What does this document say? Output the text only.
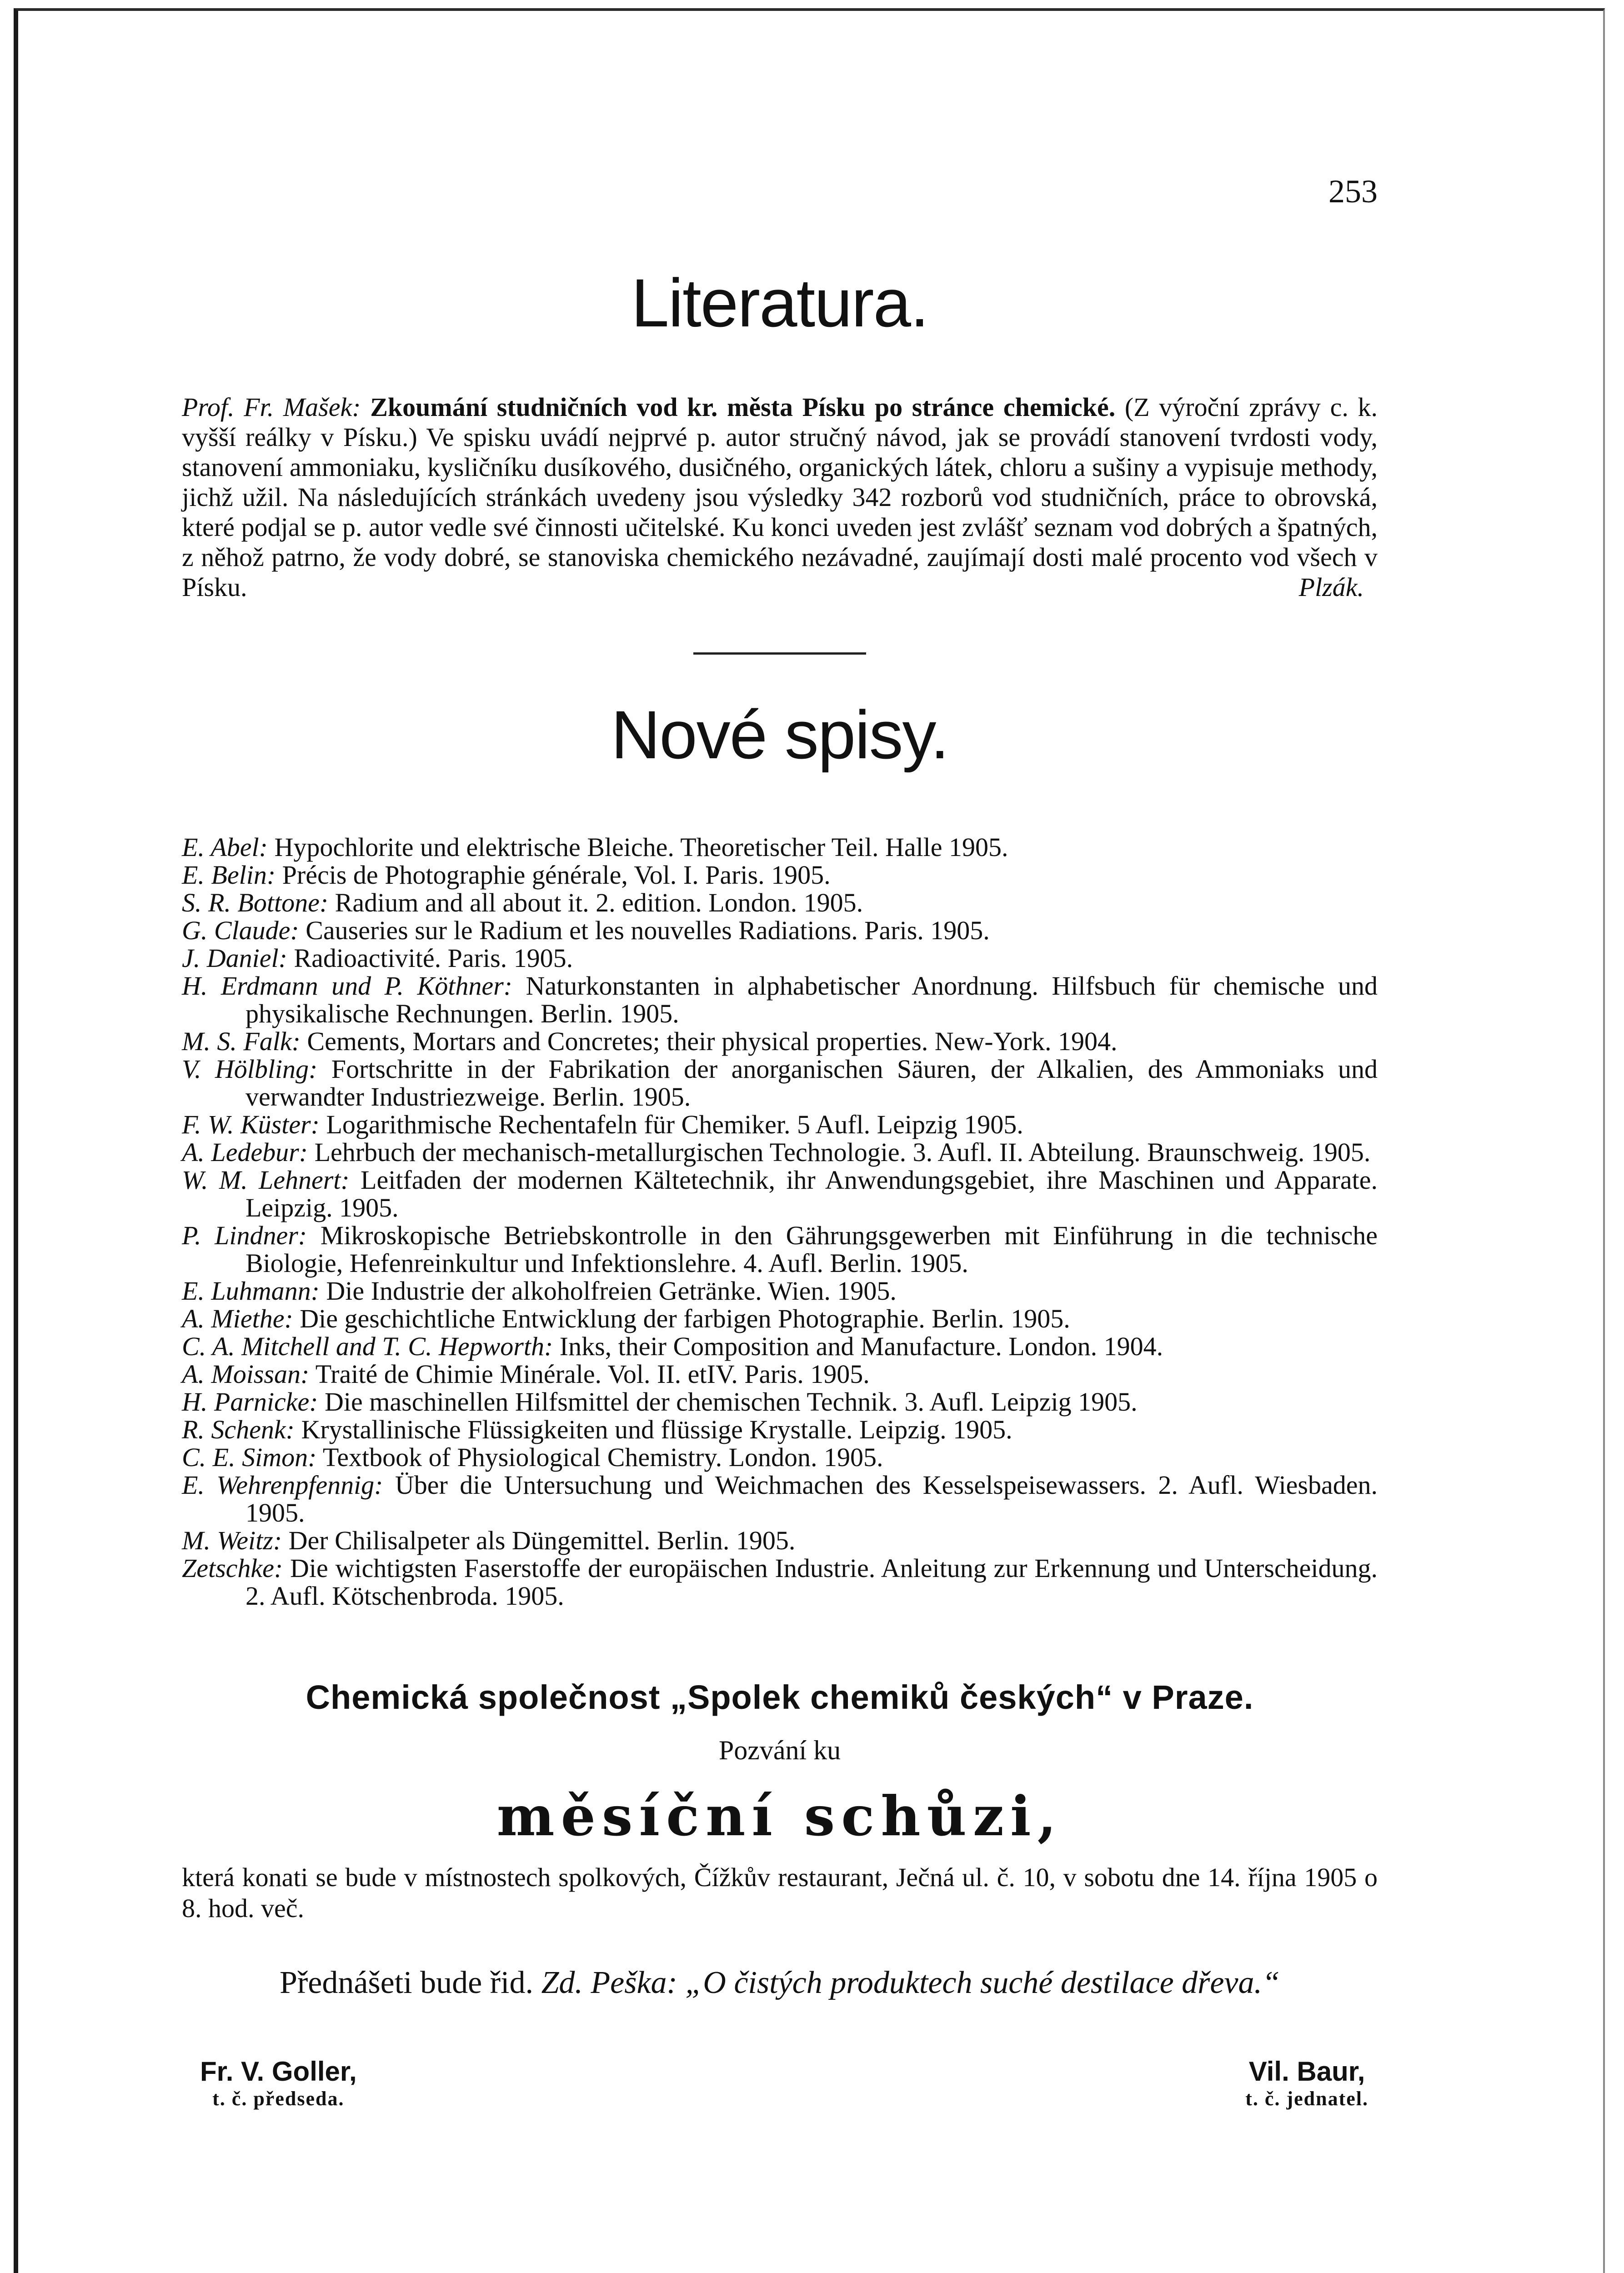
253
Literatura.

Prof. Fr. Mašek: Zkoumání studničních vod kr. města Písku po stránce chemické. (Z výroční zprávy c. k. vyšší reálky v Písku.) Ve spisku uvádí nejprvé p. autor stručný návod, jak se provádí stanovení tvrdosti vody, stanovení ammoniaku, kysličníku dusíkového, dusičného, organických látek, chloru a sušiny a vypisuje methody, jichž užil. Na následujících stránkách uvedeny jsou výsledky 342 rozborů vod studničních, práce to obrovská, které podjal se p. autor vedle své činnosti učitelské. Ku konci uveden jest zvlášť seznam vod dobrých a špatných, z něhož patrno, že vody dobré, se stanoviska chemického nezávadné, zaujímají dosti malé procento vod všech v Písku.	Plzák.

Nové spisy.
E. Abel: Hypochlorite und elektrische Bleiche. Theoretischer Teil. Halle 1905.
E. Belin: Précis de Photographie générale, Vol. I. Paris. 1905.
S. R. Bottone: Radium and all about it. 2. edition. London. 1905.
G. Claude: Causeries sur le Radium et les nouvelles Radiations. Paris. 1905.
J. Daniel: Radioactivité. Paris. 1905.
H. Erdmann und P. Köthner: Naturkonstanten in alphabetischer Anordnung. Hilfsbuch für chemische und physikalische Rechnungen. Berlin. 1905.
M. S. Falk: Cements, Mortars and Concretes; their physical properties. New-York. 1904.
V. Hölbling: Fortschritte in der Fabrikation der anorganischen Säuren, der Alkalien, des Ammoniaks und verwandter Industriezweige. Berlin. 1905.
F. W. Küster: Logarithmische Rechentafeln für Chemiker. 5 Aufl. Leipzig 1905.
A. Ledebur: Lehrbuch der mechanisch-metallurgischen Technologie. 3. Aufl. II. Abteilung. Braunschweig. 1905.
W. M. Lehnert: Leitfaden der modernen Kältetechnik, ihr Anwendungsgebiet, ihre Maschinen und Apparate. Leipzig. 1905.
P. Lindner: Mikroskopische Betriebskontrolle in den Gährungsgewerben mit Einführung in die technische Biologie, Hefenreinkultur und Infektionslehre. 4. Aufl. Berlin. 1905.
E. Luhmann: Die Industrie der alkoholfreien Getränke. Wien. 1905.
A. Miethe: Die geschichtliche Entwicklung der farbigen Photographie. Berlin. 1905.
C. A. Mitchell and T. C. Hepworth: Inks, their Composition and Manufacture. London. 1904.
A. Moissan: Traité de Chimie Minérale. Vol. II. etIV. Paris. 1905.
H. Parnicke: Die maschinellen Hilfsmittel der chemischen Technik. 3. Aufl. Leipzig 1905.
R. Schenk: Krystallinische Flüssigkeiten und flüssige Krystalle. Leipzig. 1905.
C. E. Simon: Textbook of Physiological Chemistry. London. 1905.
E. Wehrenpfennig: Über die Untersuchung und Weichmachen des Kesselspeisewassers. 2. Aufl. Wiesbaden. 1905.
M. Weitz: Der Chilisalpeter als Düngemittel. Berlin. 1905.
Zetschke: Die wichtigsten Faserstoffe der europäischen Industrie. Anleitung zur Erkennung und Unterscheidung. 2. Aufl. Kötschenbroda. 1905.
Chemická společnost „Spolek chemiků českých“ v Praze.
Pozvání ku
měsíční schůzi,

která konati se bude v místnostech spolkových, Čížkův restaurant, Ječná ul. č. 10, v sobotu dne 14. října 1905 o 8. hod. več.

Přednášeti bude řid. Zd. Peška: „O čistých produktech suché destilace dřeva.“
Fr. V. Goller,
t. č. předseda.
Vil. Baur,
t. č. jednatel.
